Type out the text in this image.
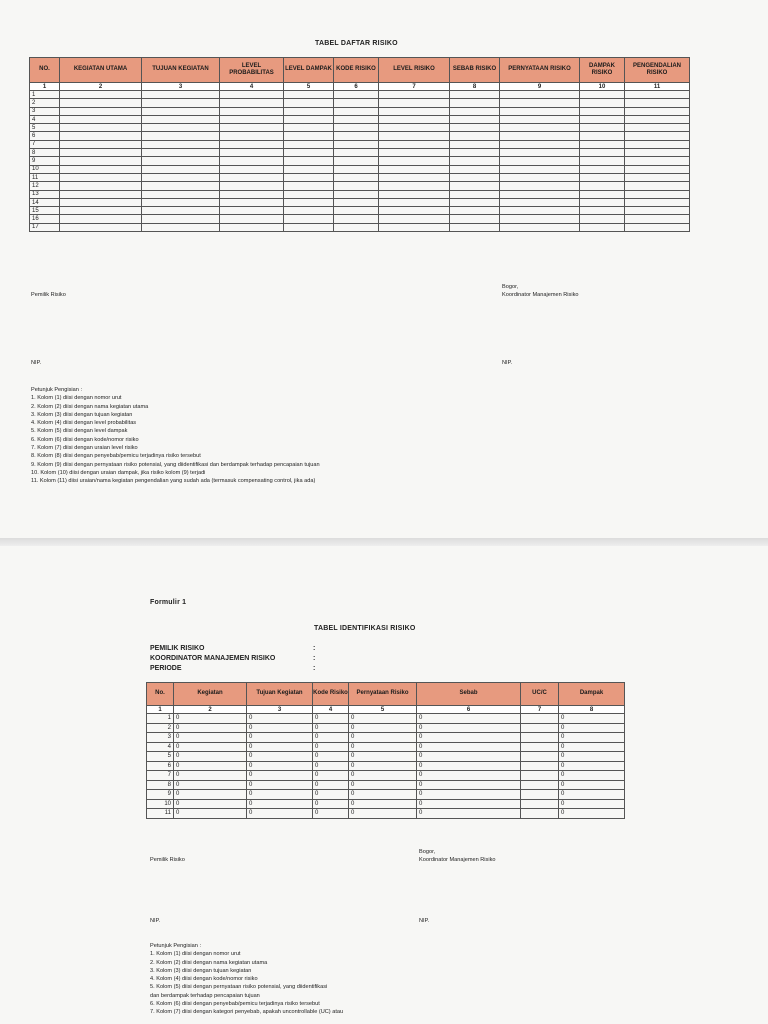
TABEL DAFTAR RISIKO
NO.	KEGIATAN UTAMA	TUJUAN KEGIATAN	LEVEL PROBABILITAS	LEVEL DAMPAK	KODE RISIKO	LEVEL RISIKO	SEBAB RISIKO	PERNYATAAN RISIKO	DAMPAK RISIKO	PENGENDALIAN RISIKO
1	2	3	4	5	6	7	8	9	10	11
1										
2										
3										
4										
5										
6										
7										
8										
9										
10										
11										
12										
13										
14										
15										
16										
17										
Pemilik Risiko
Bogor,
Koordinator Manajemen Risiko
NIP.	NIP.
Petunjuk Pengisian :
1. Kolom (1) diisi dengan nomor urut
2. Kolom (2) diisi dengan nama kegiatan utama
3. Kolom (3) diisi dengan tujuan kegiatan
4. Kolom (4) diisi dengan level probabilitas
5. Kolom (5) diisi dengan level dampak
6. Kolom (6) diisi dengan kode/nomor risiko
7. Kolom (7) diisi dengan uraian level risiko
8. Kolom (8) diisi dengan penyebab/pemicu terjadinya risiko tersebut
9. Kolom (9) diisi dengan pernyataan risiko potensial, yang diidentifikasi dan berdampak terhadap pencapaian tujuan
10. Kolom (10) diisi dengan uraian dampak, jika risiko kolom (9) terjadi
11. Kolom (11) diisi uraian/nama kegiatan pengendalian yang sudah ada (termasuk compensating control, jika ada)
Formulir 1
TABEL IDENTIFIKASI RISIKO
PEMILIK RISIKO
KOORDINATOR MANAJEMEN RISIKO
PERIODE
:
:
:
No.	Kegiatan	Tujuan Kegiatan	Kode Risiko	Pernyataan Risiko	Sebab	UC/C	Dampak
1	2	3	4	5	6	7	8
1	0	0	0	0	0		0
2	0	0	0	0	0		0
3	0	0	0	0	0		0
4	0	0	0	0	0		0
5	0	0	0	0	0		0
6	0	0	0	0	0		0
7	0	0	0	0	0		0
8	0	0	0	0	0		0
9	0	0	0	0	0		0
10	0	0	0	0	0		0
11	0	0	0	0	0		0
Pemilik Risiko
Bogor,
Koordinator Manajemen Risiko
NIP.	NIP.
Petunjuk Pengisian :
1. Kolom (1) diisi dengan nomor urut
2. Kolom (2) diisi dengan nama kegiatan utama
3. Kolom (3) diisi dengan tujuan kegiatan
4. Kolom (4) diisi dengan kode/nomor risiko
5. Kolom (5) diisi dengan pernyataan risiko potensial, yang diidentifikasi
dan berdampak terhadap pencapaian tujuan
6. Kolom (6) diisi dengan penyebab/pemicu terjadinya risiko tersebut
7. Kolom (7) diisi dengan kategori penyebab, apakah uncontrollable (UC) atau
